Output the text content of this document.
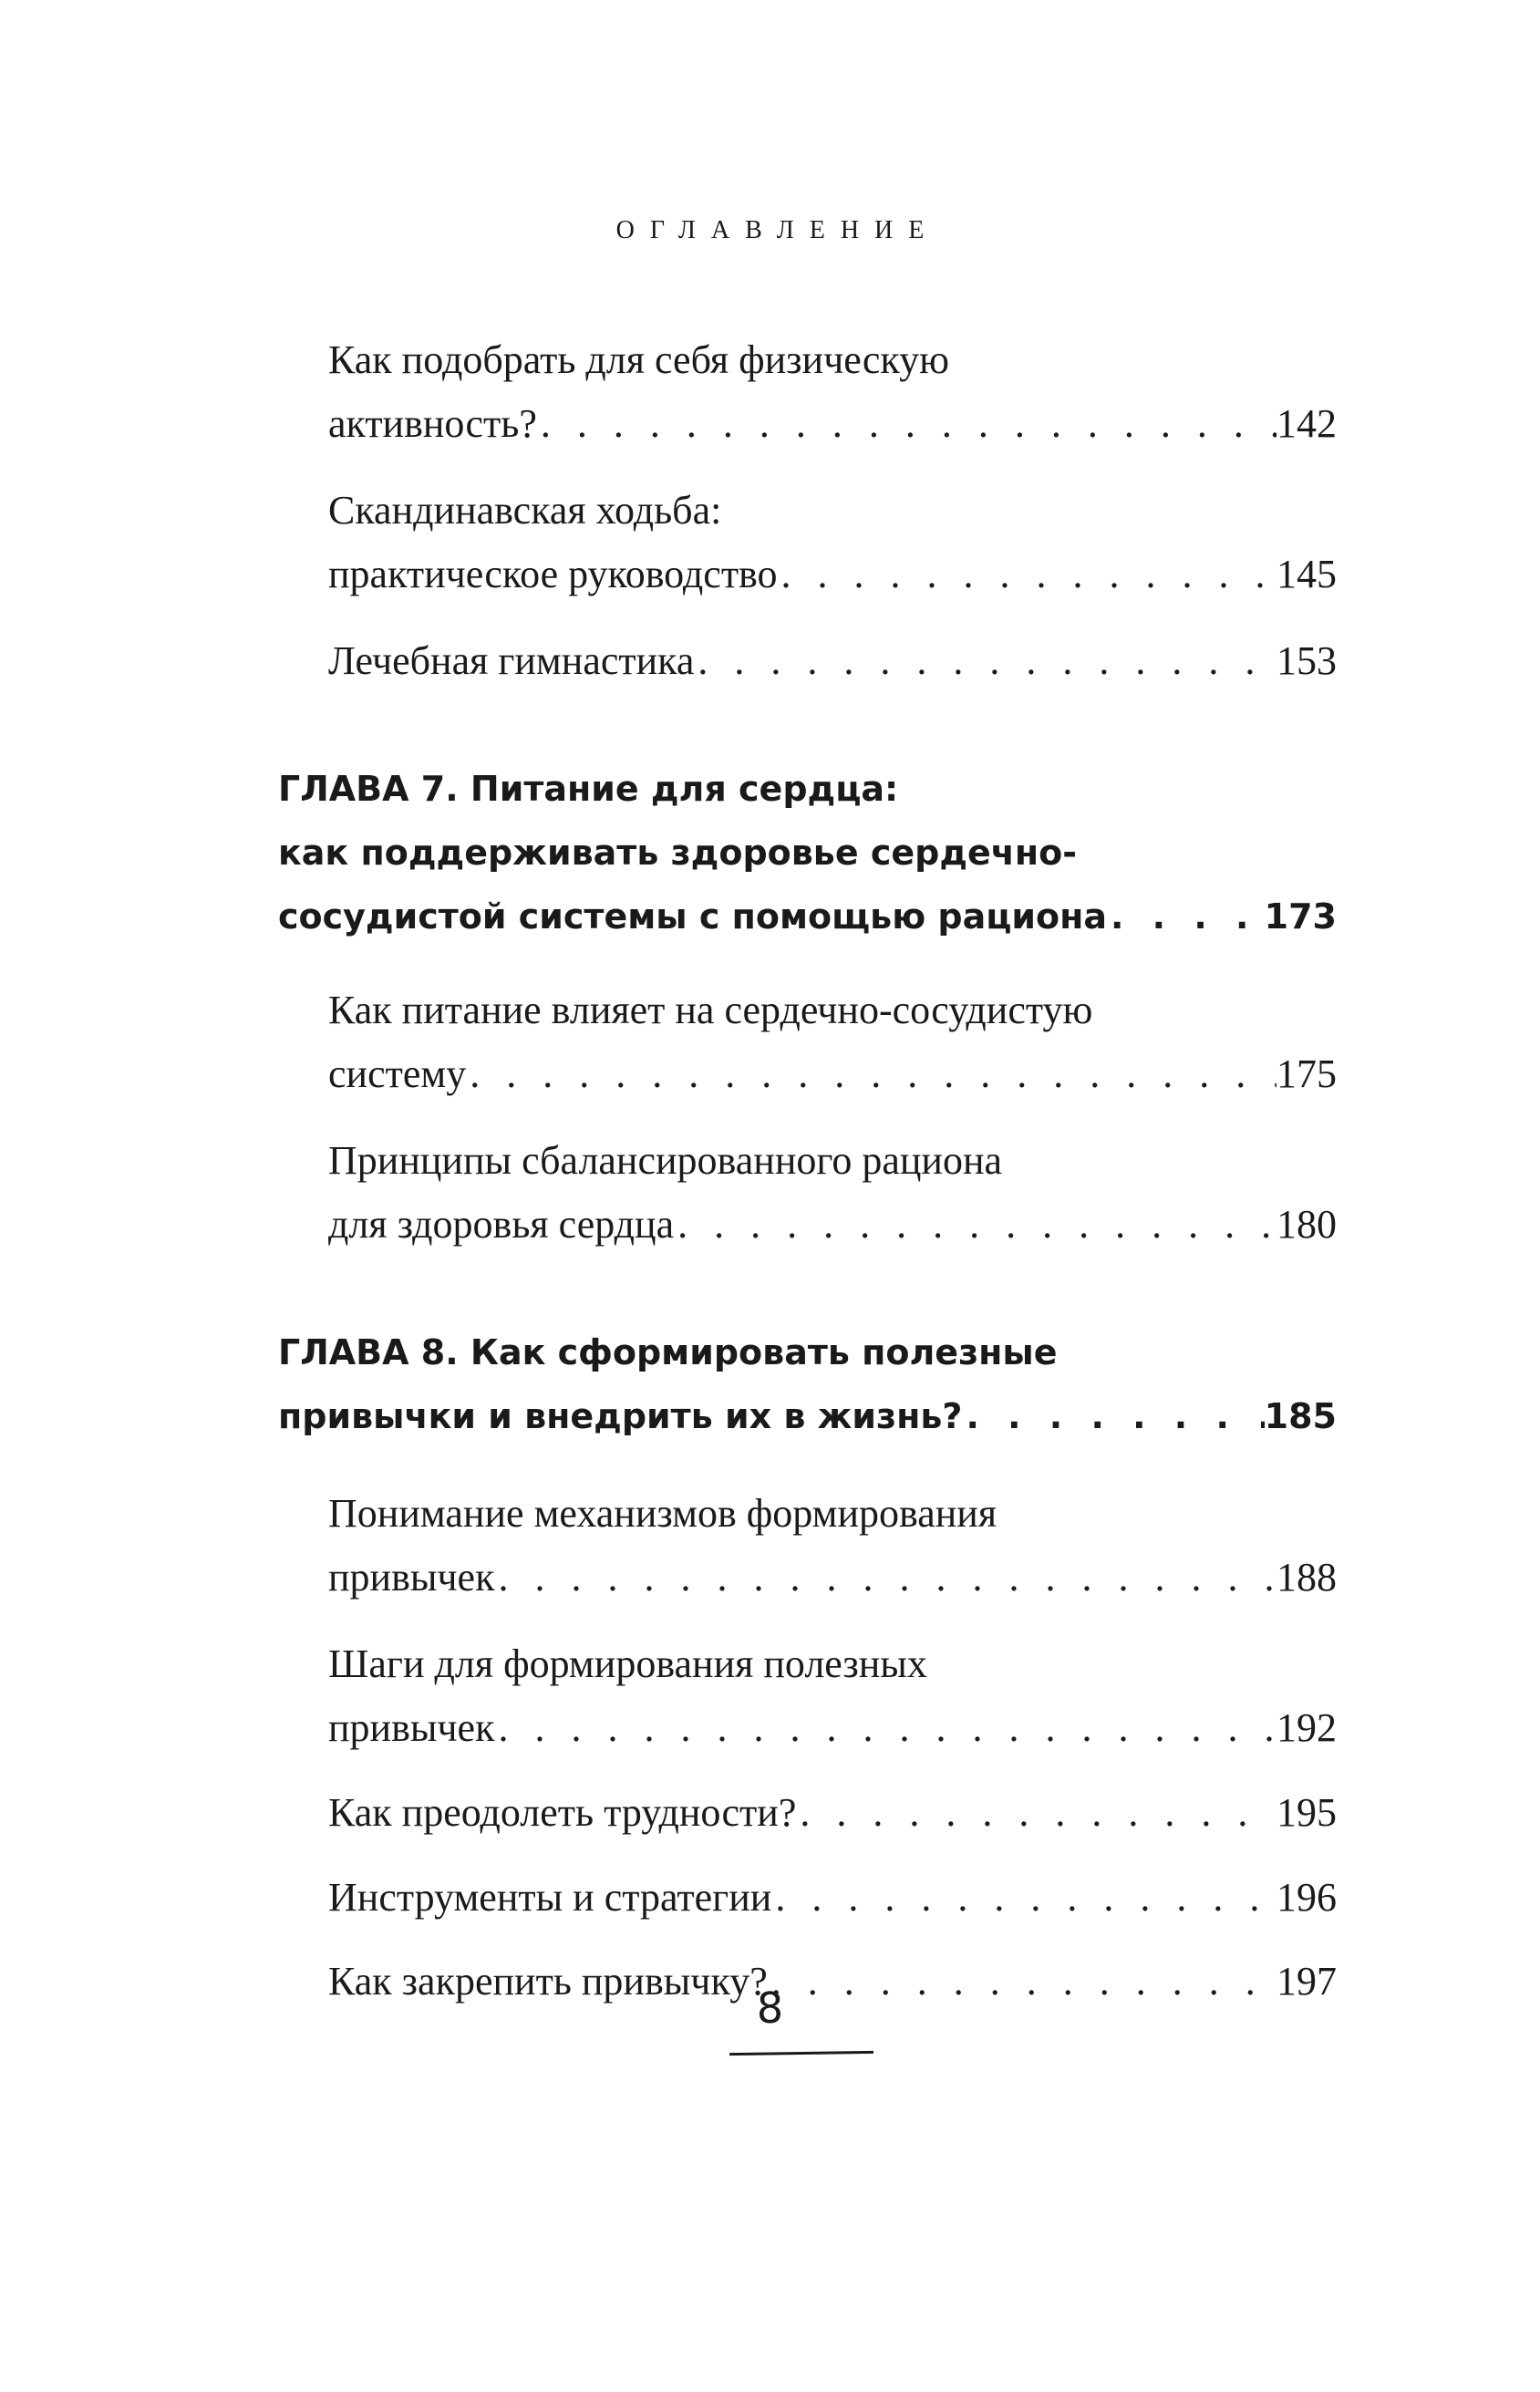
ОГЛАВЛЕНИЕ
Как подобрать для себя физическую
активность? . . .	142
Скандинавская ходьба:
практическое руководство . . .	145
Лечебная гимнастика . . .	153
ГЛАВА 7. Питание для сердца:
как поддерживать здоровье сердечно-
сосудистой системы с помощью рациона . . .	173
Как питание влияет на сердечно-сосудистую
систему . . .	175
Принципы сбалансированного рациона
для здоровья сердца . . .	180
ГЛАВА 8. Как сформировать полезные
привычки и внедрить их в жизнь? . . .	185
Понимание механизмов формирования
привычек . . .	188
Шаги для формирования полезных
привычек . . .	192
Как преодолеть трудности? . . .	195
Инструменты и стратегии . . .	196
Как закрепить привычку? . . .	197
8
